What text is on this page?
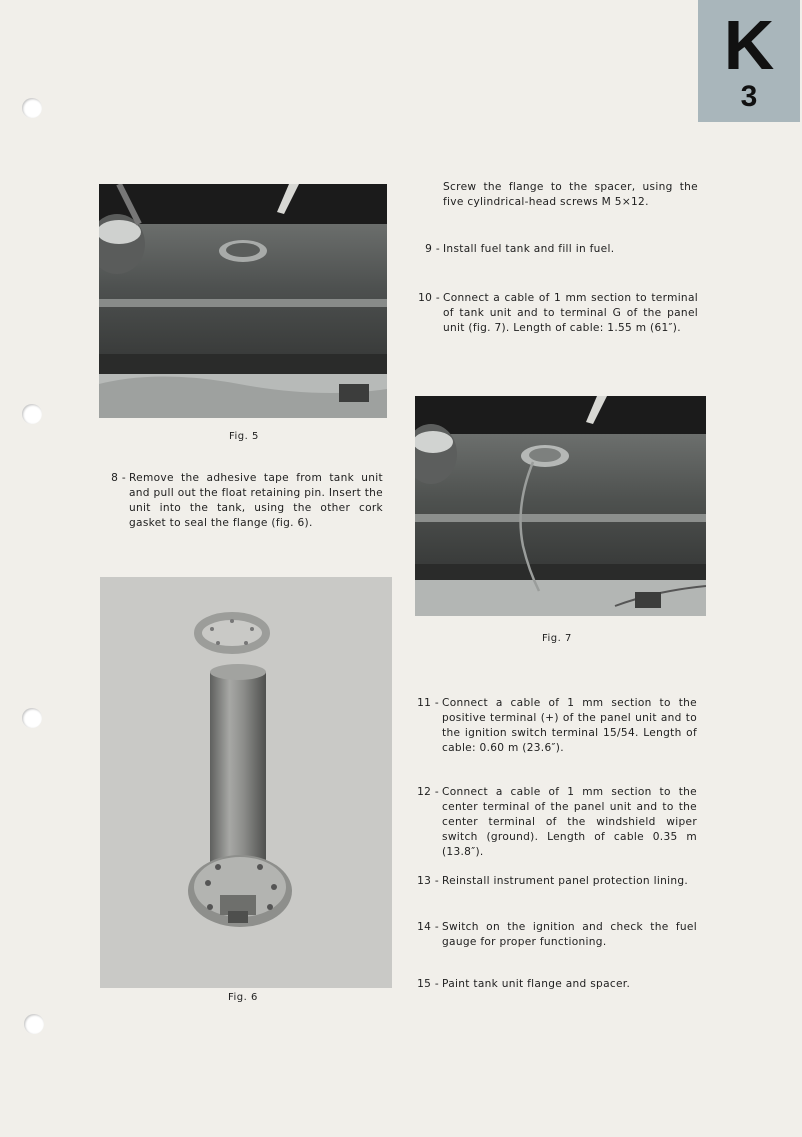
K
3
Fig. 5
Screw the flange to the spacer, using the five cylindrical-head screws M 5×12.
9 - Install fuel tank and fill in fuel.
10 - Connect a cable of 1 mm section to terminal of tank unit and to terminal G of the panel unit (fig. 7). Length of cable: 1.55 m (61″).
Fig. 7
8 - Remove the adhesive tape from tank unit and pull out the float retaining pin. Insert the unit into the tank, using the other cork gasket to seal the flange (fig. 6).
Fig. 6
11 - Connect a cable of 1 mm section to the positive terminal (+) of the panel unit and to the ignition switch terminal 15/54. Length of cable: 0.60 m (23.6″).
12 - Connect a cable of 1 mm section to the center terminal of the panel unit and to the center terminal of the windshield wiper switch (ground). Length of cable 0.35 m (13.8″).
13 - Reinstall instrument panel protection lining.
14 - Switch on the ignition and check the fuel gauge for proper functioning.
15 - Paint tank unit flange and spacer.
